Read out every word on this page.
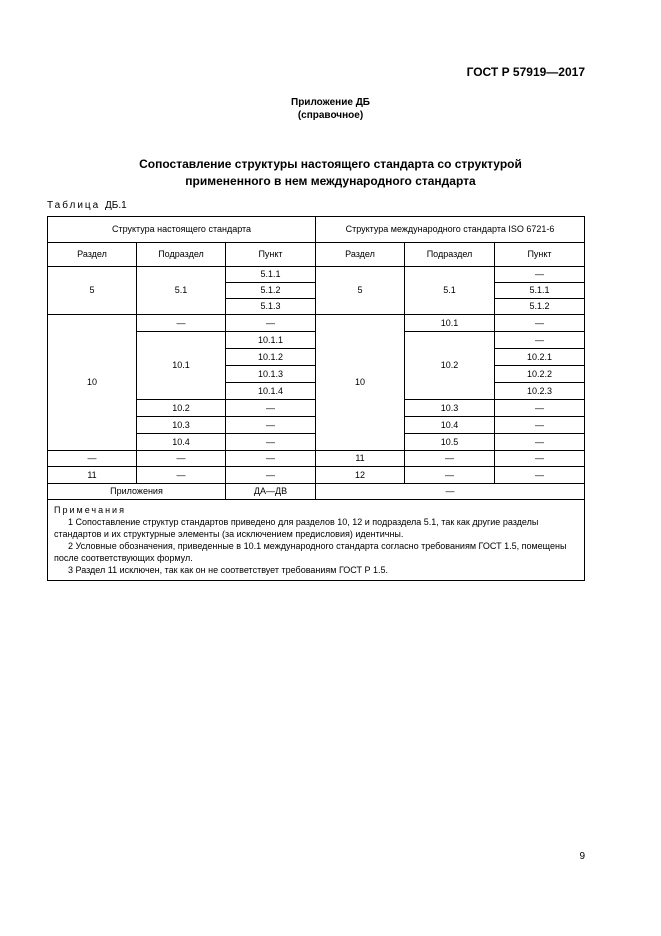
ГОСТ Р 57919—2017
Приложение ДБ
(справочное)
Сопоставление структуры настоящего стандарта со структурой
примененного в нем международного стандарта
Таблица ДБ.1
Структура настоящего стандарта			Структура международного стандарта ISO 6721-6		
Раздел	Подраздел	Пункт	Раздел	Подраздел	Пункт
5	5.1	5.1.1	5	5.1	—
		5.1.2			5.1.1
		5.1.3			5.1.2
10	—	—	10	10.1	—
	10.1	10.1.1		10.2	—
		10.1.2			10.2.1
		10.1.3			10.2.2
		10.1.4			10.2.3
	10.2	—		10.3	—
	10.3	—		10.4	—
	10.4	—		10.5	—
—	—	—	11	—	—
11	—	—	12	—	—
Приложения		ДА—ДВ	—		

Примечания

1 Сопоставление структур стандартов приведено для разделов 10, 12 и подраздела 5.1, так как другие разделы стандартов и их структурные элементы (за исключением предисловия) идентичны.

2 Условные обозначения, приведенные в 10.1 международного стандарта согласно требованиям ГОСТ 1.5, помещены после соответствующих формул.

3 Раздел 11 исключен, так как он не соответствует требованиям ГОСТ Р 1.5.					

9
